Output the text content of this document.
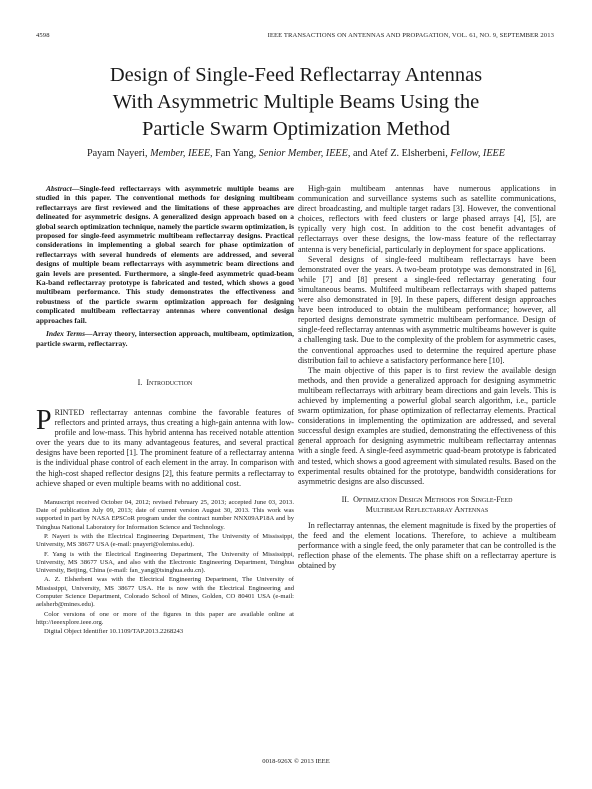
4598	IEEE TRANSACTIONS ON ANTENNAS AND PROPAGATION, VOL. 61, NO. 9, SEPTEMBER 2013
Design of Single-Feed Reflectarray Antennas
With Asymmetric Multiple Beams Using the
Particle Swarm Optimization Method
Payam Nayeri, Member, IEEE, Fan Yang, Senior Member, IEEE, and Atef Z. Elsherbeni, Fellow, IEEE

Abstract—Single-feed reflectarrays with asymmetric multiple beams are studied in this paper. The conventional methods for designing multibeam reflectarrays are first reviewed and the limitations of these approaches are delineated for asymmetric designs. A generalized design approach based on a global search optimization technique, namely the particle swarm optimization, is proposed for single-feed asymmetric multibeam reflectarray designs. Practical considerations in implementing a global search for phase optimization of reflectarrays with several hundreds of elements are addressed, and several designs of multiple beam reflectarrays with asymmetric beam directions and gain levels are presented. Furthermore, a single-feed asymmetric quad-beam Ka-band reflectarray prototype is fabricated and tested, which shows a good multibeam performance. This study demonstrates the effectiveness and robustness of the particle swarm optimization approach for designing complicated multibeam reflectarray antennas where conventional design approaches fail.

Index Terms—Array theory, intersection approach, multibeam, optimization, particle swarm, reflectarray.

I. Introduction

PRINTED reflectarray antennas combine the favorable features of reflectors and printed arrays, thus creating a high-gain antenna with low-profile and low-mass. This hybrid antenna has received notable attention over the years due to its many advantageous features, and several practical designs have been reported [1]. The prominent feature of a reflectarray antenna is the individual phase control of each element in the array. In comparison with the high-cost shaped reflector designs [2], this feature permits a reflectarray to achieve shaped or even multiple beams with no additional cost.

Manuscript received October 04, 2012; revised February 25, 2013; accepted June 03, 2013. Date of publication July 09, 2013; date of current version August 30, 2013. This work was supported in part by NASA EPSCoR program under the contract number NNX09AP18A and by Tsinghua National Laboratory for Information Science and Technology.

P. Nayeri is with the Electrical Engineering Department, The University of Mississippi, University, MS 38677 USA (e-mail: pnayeri@olemiss.edu).

F. Yang is with the Electrical Engineering Department, The University of Mississippi, University, MS 38677 USA, and also with the Electronic Engineering Department, Tsinghua University, Beijing, China (e-mail: fan_yang@tsinghua.edu.cn).

A. Z. Elsherbeni was with the Electrical Engineering Department, The University of Mississippi, University, MS 38677 USA. He is now with the Electrical Engineering and Computer Science Department, Colorado School of Mines, Golden, CO 80401 USA (e-mail: aelsherb@mines.edu).

Color versions of one or more of the figures in this paper are available online at http://ieeexplore.ieee.org.

Digital Object Identifier 10.1109/TAP.2013.2268243

High-gain multibeam antennas have numerous applications in communication and surveillance systems such as satellite communications, direct broadcasting, and multiple target radars [3]. However, the conventional choices, reflectors with feed clusters or large phased arrays [4], [5], are typically very high cost. In addition to the cost benefit advantages of reflectarrays over these designs, the low-mass feature of the reflectarray antenna is very beneficial, particularly in deployment for space applications.

Several designs of single-feed multibeam reflectarrays have been demonstrated over the years. A two-beam prototype was demonstrated in [6], while [7] and [8] present a single-feed reflectarray generating four simultaneous beams. Multifeed multibeam reflectarrays with shaped patterns were also demonstrated in [9]. In these papers, different design approaches have been introduced to obtain the multibeam performance; however, all reported designs demonstrate symmetric multibeam performance. Design of single-feed reflectarray antennas with asymmetric multibeams however is quite a challenging task. Due to the complexity of the problem for asymmetric cases, the conventional approaches used to determine the required aperture phase distribution fail to achieve a satisfactory performance here [10].

The main objective of this paper is to first review the available design methods, and then provide a generalized approach for designing asymmetric multibeam reflectarrays with arbitrary beam directions and gain levels. This is achieved by implementing a powerful global search algorithm, i.e., particle swarm optimization, for phase optimization of reflectarray elements. Practical considerations in implementing the optimization are addressed, and several successful design examples are studied, demonstrating the effectiveness of this general approach for designing asymmetric multibeam reflectarray antennas with a single feed. A single-feed asymmetric quad-beam prototype is fabricated and tested, which shows a good agreement with simulated results. Based on the experimental results obtained for the prototype, bandwidth considerations for asymmetric designs are also discussed.

II. Optimization Design Methods for Single-Feed
Multibeam Reflectarray Antennas

In reflectarray antennas, the element magnitude is fixed by the properties of the feed and the element locations. Therefore, to achieve a multibeam performance with a single feed, the only parameter that can be controlled is the reflection phase of the elements. The phase shift on a reflectarray aperture is obtained by

0018-926X © 2013 IEEE
